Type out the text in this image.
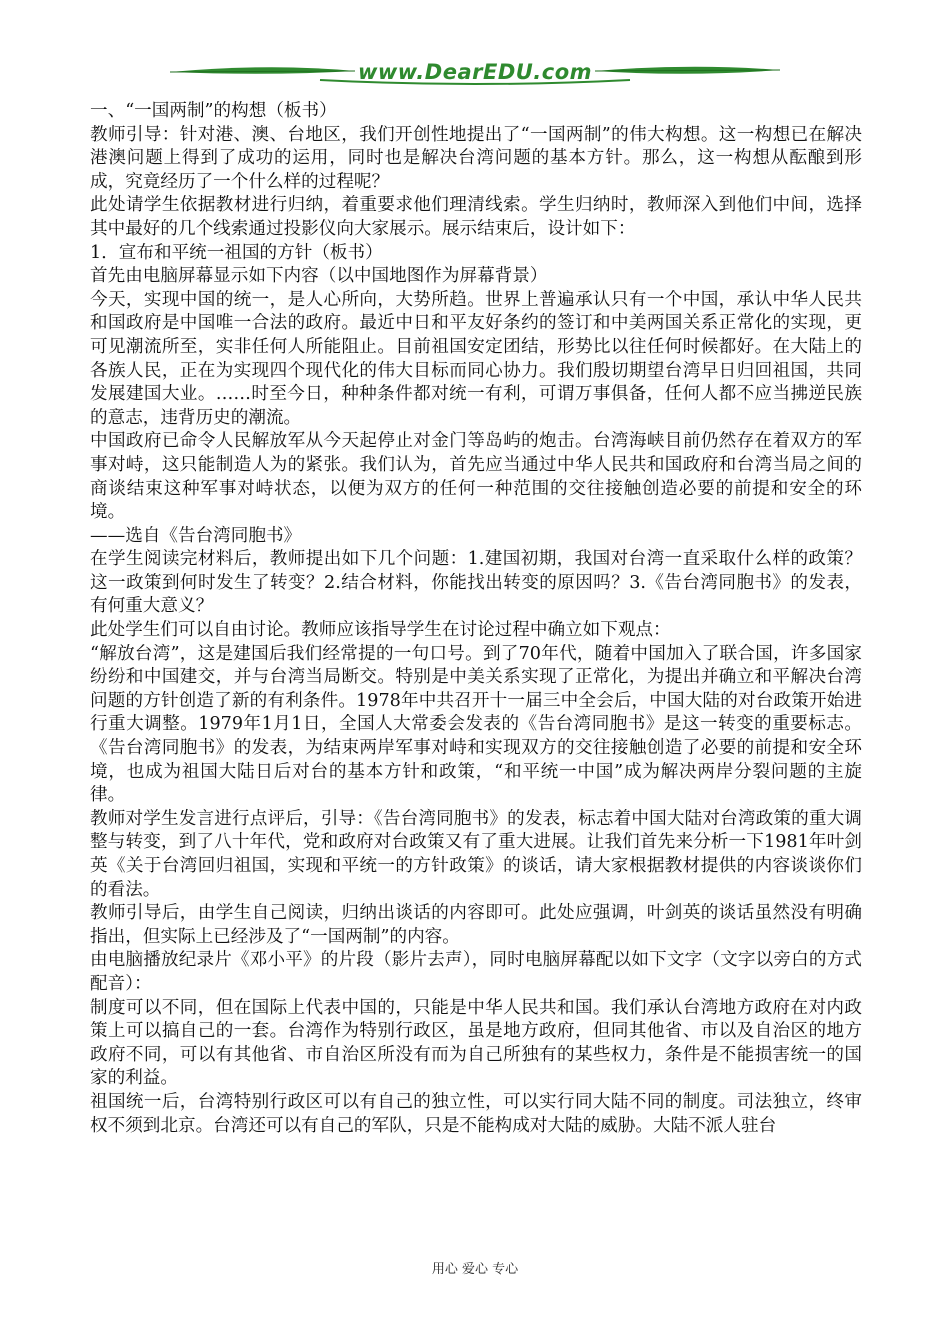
www.DearEDU.com

一、“一国两制”的构想（板书）

教师引导：针对港、澳、台地区，我们开创性地提出了“一国两制”的伟大构想。这一构想已在解决港澳问题上得到了成功的运用，同时也是解决台湾问题的基本方针。那么，这一构想从酝酿到形成，究竟经历了一个什么样的过程呢？

此处请学生依据教材进行归纳，着重要求他们理清线索。学生归纳时，教师深入到他们中间，选择其中最好的几个线索通过投影仪向大家展示。展示结束后，设计如下：

1．宣布和平统一祖国的方针（板书）

首先由电脑屏幕显示如下内容（以中国地图作为屏幕背景）

今天，实现中国的统一，是人心所向，大势所趋。世界上普遍承认只有一个中国，承认中华人民共和国政府是中国唯一合法的政府。最近中日和平友好条约的签订和中美两国关系正常化的实现，更可见潮流所至，实非任何人所能阻止。目前祖国安定团结，形势比以往任何时候都好。在大陆上的各族人民，正在为实现四个现代化的伟大目标而同心协力。我们殷切期望台湾早日归回祖国，共同发展建国大业。……时至今日，种种条件都对统一有利，可谓万事俱备，任何人都不应当拂逆民族的意志，违背历史的潮流。

中国政府已命令人民解放军从今天起停止对金门等岛屿的炮击。台湾海峡目前仍然存在着双方的军事对峙，这只能制造人为的紧张。我们认为，首先应当通过中华人民共和国政府和台湾当局之间的商谈结束这种军事对峙状态，以便为双方的任何一种范围的交往接触创造必要的前提和安全的环境。

——选自《告台湾同胞书》

在学生阅读完材料后，教师提出如下几个问题：1.建国初期，我国对台湾一直采取什么样的政策？这一政策到何时发生了转变？2.结合材料，你能找出转变的原因吗？3.《告台湾同胞书》的发表，有何重大意义？

此处学生们可以自由讨论。教师应该指导学生在讨论过程中确立如下观点：

“解放台湾”，这是建国后我们经常提的一句口号。到了70年代，随着中国加入了联合国，许多国家纷纷和中国建交，并与台湾当局断交。特别是中美关系实现了正常化，为提出并确立和平解决台湾问题的方针创造了新的有利条件。1978年中共召开十一届三中全会后，中国大陆的对台政策开始进行重大调整。1979年1月1日，全国人大常委会发表的《告台湾同胞书》是这一转变的重要标志。《告台湾同胞书》的发表，为结束两岸军事对峙和实现双方的交往接触创造了必要的前提和安全环境，也成为祖国大陆日后对台的基本方针和政策，“和平统一中国”成为解决两岸分裂问题的主旋律。

教师对学生发言进行点评后，引导：《告台湾同胞书》的发表，标志着中国大陆对台湾政策的重大调整与转变，到了八十年代，党和政府对台政策又有了重大进展。让我们首先来分析一下1981年叶剑英《关于台湾回归祖国，实现和平统一的方针政策》的谈话，请大家根据教材提供的内容谈谈你们的看法。

教师引导后，由学生自己阅读，归纳出谈话的内容即可。此处应强调，叶剑英的谈话虽然没有明确指出，但实际上已经涉及了“一国两制”的内容。

由电脑播放纪录片《邓小平》的片段（影片去声），同时电脑屏幕配以如下文字（文字以旁白的方式配音）：

制度可以不同，但在国际上代表中国的，只能是中华人民共和国。我们承认台湾地方政府在对内政策上可以搞自己的一套。台湾作为特别行政区，虽是地方政府，但同其他省、市以及自治区的地方政府不同，可以有其他省、市自治区所没有而为自己所独有的某些权力，条件是不能损害统一的国家的利益。

祖国统一后，台湾特别行政区可以有自己的独立性，可以实行同大陆不同的制度。司法独立，终审权不须到北京。台湾还可以有自己的军队，只是不能构成对大陆的威胁。大陆不派人驻台

用心 爱心 专心
